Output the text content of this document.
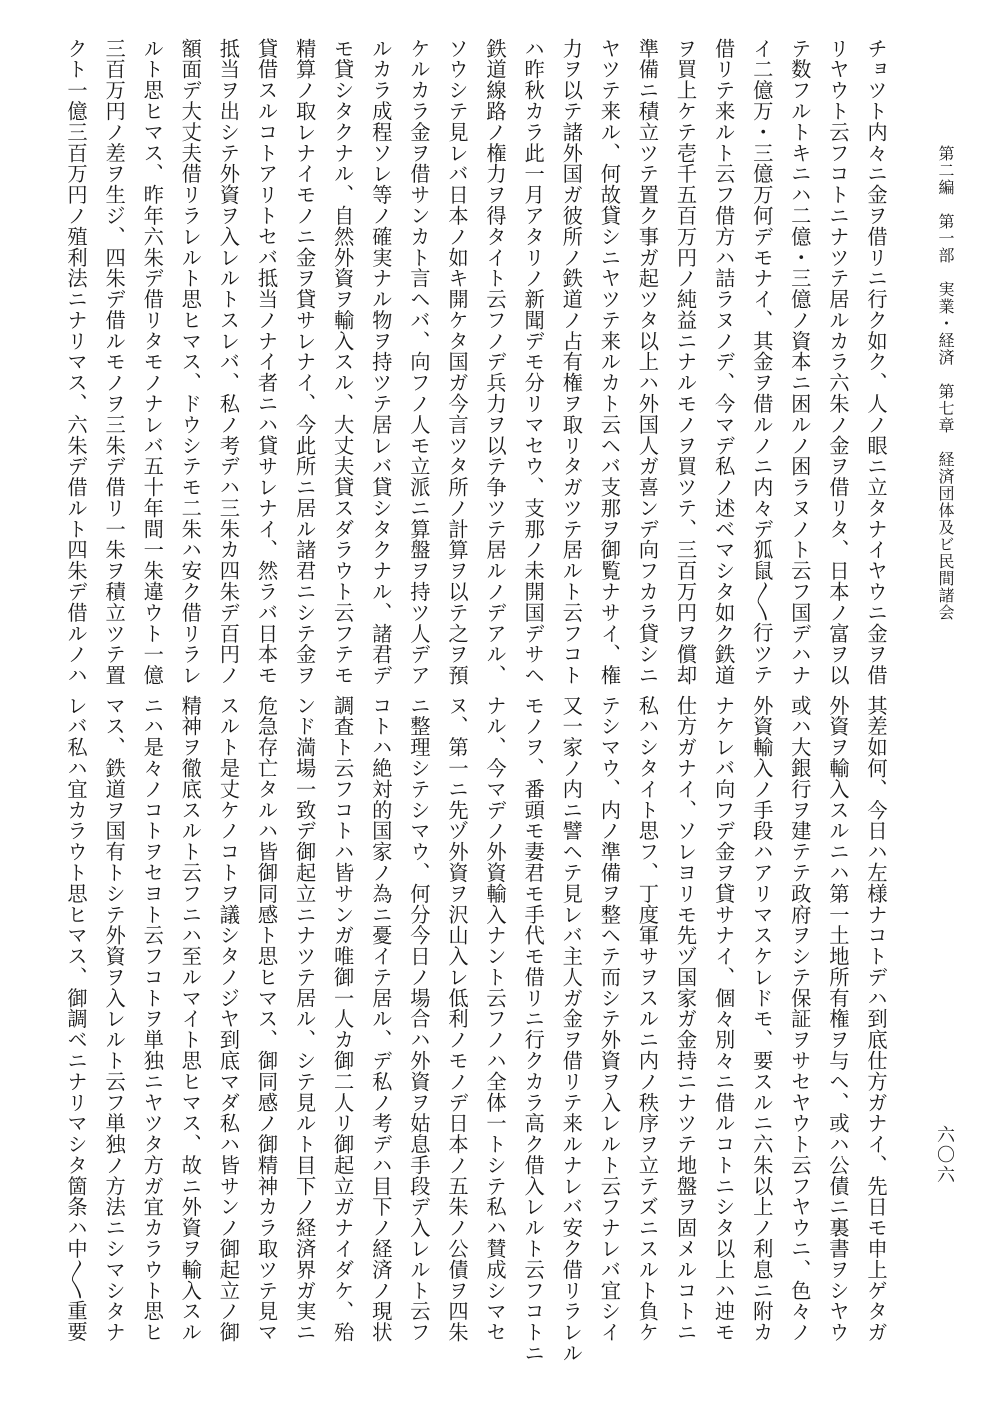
第二編　第一部　実業・経済　第七章　経済団体及ビ民間諸会
六〇六

チョツト内々ニ金ヲ借リニ行ク如ク、人ノ眼ニ立タナイヤウニ金ヲ借

リヤウト云フコトニナツテ居ルカラ六朱ノ金ヲ借リタ、日本ノ富ヲ以

テ数フルトキニハ二億・三億ノ資本ニ困ルノ困ラヌノト云フ国デハナ

イ二億万・三億万何デモナイ、其金ヲ借ルノニ内々デ狐鼠〳〵行ツテ

借リテ来ルト云フ借方ハ詰ラヌノデ、今マデ私ノ述ベマシタ如ク鉄道

ヲ買上ケテ壱千五百万円ノ純益ニナルモノヲ買ツテ、三百万円ヲ償却

準備ニ積立ツテ置ク事ガ起ツタ以上ハ外国人ガ喜ンデ向フカラ貸シニ

ヤツテ来ル、何故貸シニヤツテ来ルカト云ヘバ支那ヲ御覧ナサイ、権

力ヲ以テ諸外国ガ彼所ノ鉄道ノ占有権ヲ取リタガツテ居ルト云フコト

ハ昨秋カラ此一月アタリノ新聞デモ分リマセウ、支那ノ未開国デサヘ

鉄道線路ノ権力ヲ得タイト云フノデ兵力ヲ以テ争ツテ居ルノデアル、

ソウシテ見レバ日本ノ如キ開ケタ国ガ今言ツタ所ノ計算ヲ以テ之ヲ預

ケルカラ金ヲ借サンカト言ヘバ、向フノ人モ立派ニ算盤ヲ持ツ人デア

ルカラ成程ソレ等ノ確実ナル物ヲ持ツテ居レバ貸シタクナル、諸君デ

モ貸シタクナル、自然外資ヲ輸入スル、大丈夫貸スダラウト云フテモ

精算ノ取レナイモノニ金ヲ貸サレナイ、今此所ニ居ル諸君ニシテ金ヲ

貸借スルコトアリトセバ抵当ノナイ者ニハ貸サレナイ、然ラバ日本モ

抵当ヲ出シテ外資ヲ入レルトスレバ、私ノ考デハ三朱カ四朱デ百円ノ

額面デ大丈夫借リラレルト思ヒマス、ドウシテモ二朱ハ安ク借リラレ

ルト思ヒマス、昨年六朱デ借リタモノナレバ五十年間一朱違ウト一億

三百万円ノ差ヲ生ジ、四朱デ借ルモノヲ三朱デ借リ一朱ヲ積立ツテ置

クト一億三百万円ノ殖利法ニナリマス、六朱デ借ルト四朱デ借ルノハ

其差如何、今日ハ左様ナコトデハ到底仕方ガナイ、先日モ申上ゲタガ

外資ヲ輸入スルニハ第一土地所有権ヲ与ヘ、或ハ公債ニ裏書ヲシヤウ

或ハ大銀行ヲ建テテ政府ヲシテ保証ヲサセヤウト云フヤウニ、色々ノ

外資輸入ノ手段ハアリマスケレドモ、要スルニ六朱以上ノ利息ニ附カ

ナケレバ向フデ金ヲ貸サナイ、個々別々ニ借ルコトニシタ以上ハ迚モ

仕方ガナイ、ソレヨリモ先ヅ国家ガ金持ニナツテ地盤ヲ固メルコトニ

私ハシタイト思フ、丁度軍サヲスルニ内ノ秩序ヲ立テズニスルト負ケ

テシマウ、内ノ準備ヲ整ヘテ而シテ外資ヲ入レルト云フナレバ宜シイ

又一家ノ内ニ譬ヘテ見レバ主人ガ金ヲ借リテ来ルナレバ安ク借リラレル

モノヲ、番頭モ妻君モ手代モ借リニ行クカラ高ク借入レルト云フコトニ

ナル、今マデノ外資輸入ナント云フノハ全体一トシテ私ハ賛成シマセ

ヌ、第一ニ先ヅ外資ヲ沢山入レ低利ノモノデ日本ノ五朱ノ公債ヲ四朱

ニ整理シテシマウ、何分今日ノ場合ハ外資ヲ姑息手段デ入レルト云フ

コトハ絶対的国家ノ為ニ憂イテ居ル、デ私ノ考デハ目下ノ経済ノ現状

調査ト云フコトハ皆サンガ唯御一人カ御二人リ御起立ガナイダケ、殆

ンド満場一致デ御起立ニナツテ居ル、シテ見ルト目下ノ経済界ガ実ニ

危急存亡タルハ皆御同感ト思ヒマス、御同感ノ御精神カラ取ツテ見マ

スルト是丈ケノコトヲ議シタノジヤ到底マダ私ハ皆サンノ御起立ノ御

精神ヲ徹底スルト云フニハ至ルマイト思ヒマス、故ニ外資ヲ輸入スル

ニハ是々ノコトヲセヨト云フコトヲ単独ニヤツタ方ガ宜カラウト思ヒ

マス、鉄道ヲ国有トシテ外資ヲ入レルト云フ単独ノ方法ニシマシタナ

レバ私ハ宜カラウト思ヒマス、御調ベニナリマシタ箇条ハ中〳〵重要
